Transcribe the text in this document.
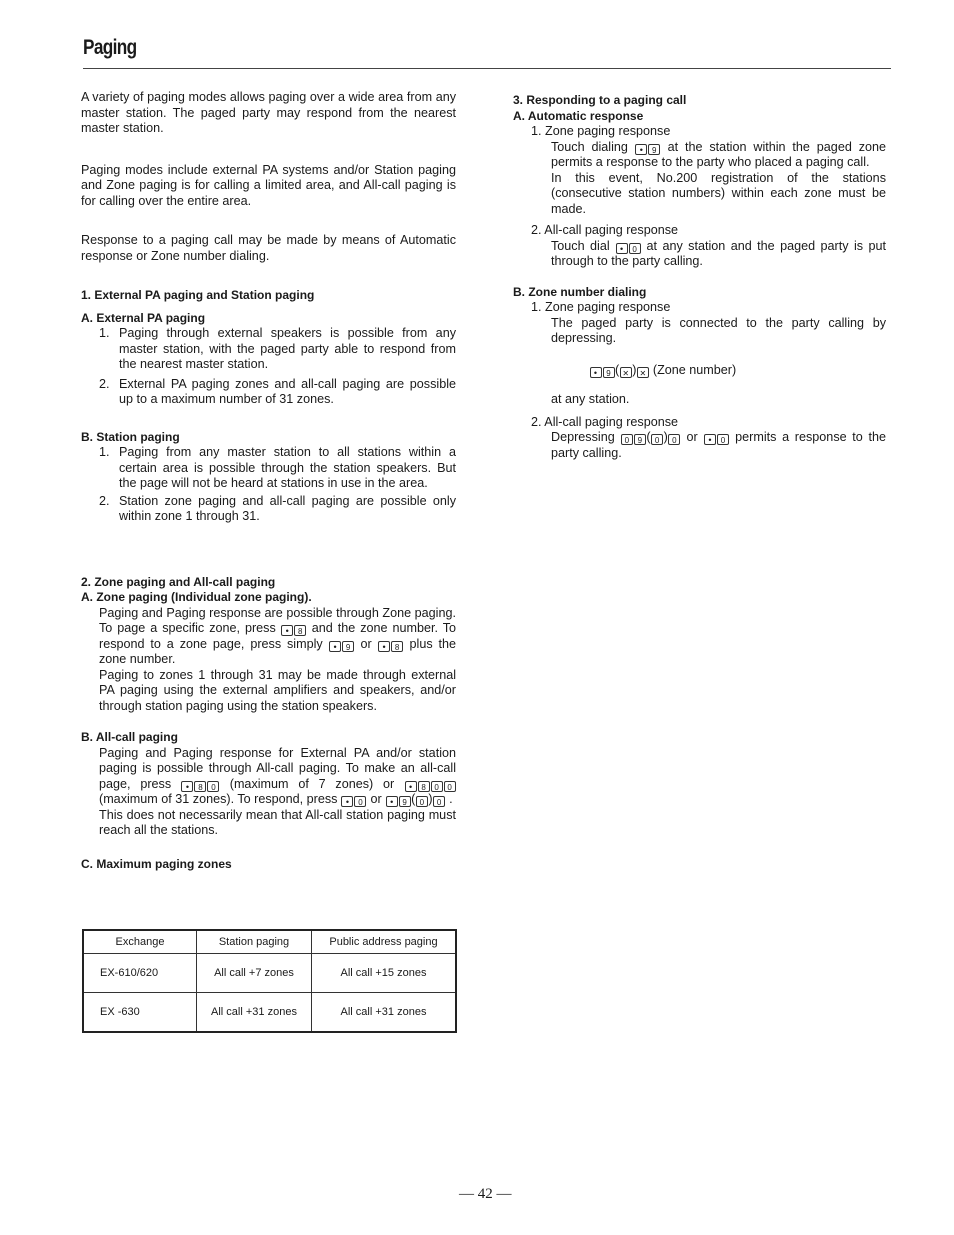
Paging

A variety of paging modes allows paging over a wide area from any master station. The paged party may respond from the nearest master station.

Paging modes include external PA systems and/or Station paging and Zone paging is for calling a limited area, and All-call paging is for calling over the entire area.

Response to a paging call may be made by means of Automatic response or Zone number dialing.

1. External PA paging and Station paging

A. External PA paging

1. Paging through external speakers is possible from any master station, with the paged party able to respond from the nearest master station.
2. External PA paging zones and all-call paging are possible up to a maximum number of 31 zones.

B. Station paging

1. Paging from any master station to all stations within a certain area is possible through the station speakers. But the page will not be heard at stations in use in the area.
2. Station zone paging and all-call paging are possible only within zone 1 through 31.

2. Zone paging and All-call paging

A. Zone paging (Individual zone paging).

Paging and Paging response are possible through Zone paging. To page a specific zone, press • 8	and the zone number. To respond to a zone page, press simply • 9	or • 8	plus the zone number.

Paging to zones 1 through 31 may be made through external PA paging using the external amplifiers and speakers, and/or through station paging using the station speakers.

B. All-call paging

Paging and Paging response for External PA and/or station paging is possible through All-call paging. To make an all-call page, press • 8 0	(maximum of 7 zones) or •800 (maximum of 31 zones). To respond, press • 0	or • 9 (0 ) 0 .

This does not necessarily mean that All-call station paging must reach all the stations.

C. Maximum paging zones

Exchange	Station paging	Public address paging
EX-610/620	All call +7 zones	All call +15 zones
EX -630	All call +31 zones	All call +31 zones

3. Responding to a paging call

A. Automatic response

1. Zone paging response

Touch dialing • 9	at the station within the paged zone permits a response to the party who placed a paging call.

In this event, No.200 registration of the stations (consecutive station numbers) within each zone must be made.

2. All-call paging response

Touch dial • 0	at any station and the paged party is put through to the party calling.

B. Zone number dialing

1. Zone paging response

The paged party is connected to the party calling by depressing.

•9( ✕ ) ✕ (Zone number)

at any station.

2. All-call paging response

Depressing 0 9	( 0 ) 0 or • 0	permits a response to the party calling.

— 42 —
